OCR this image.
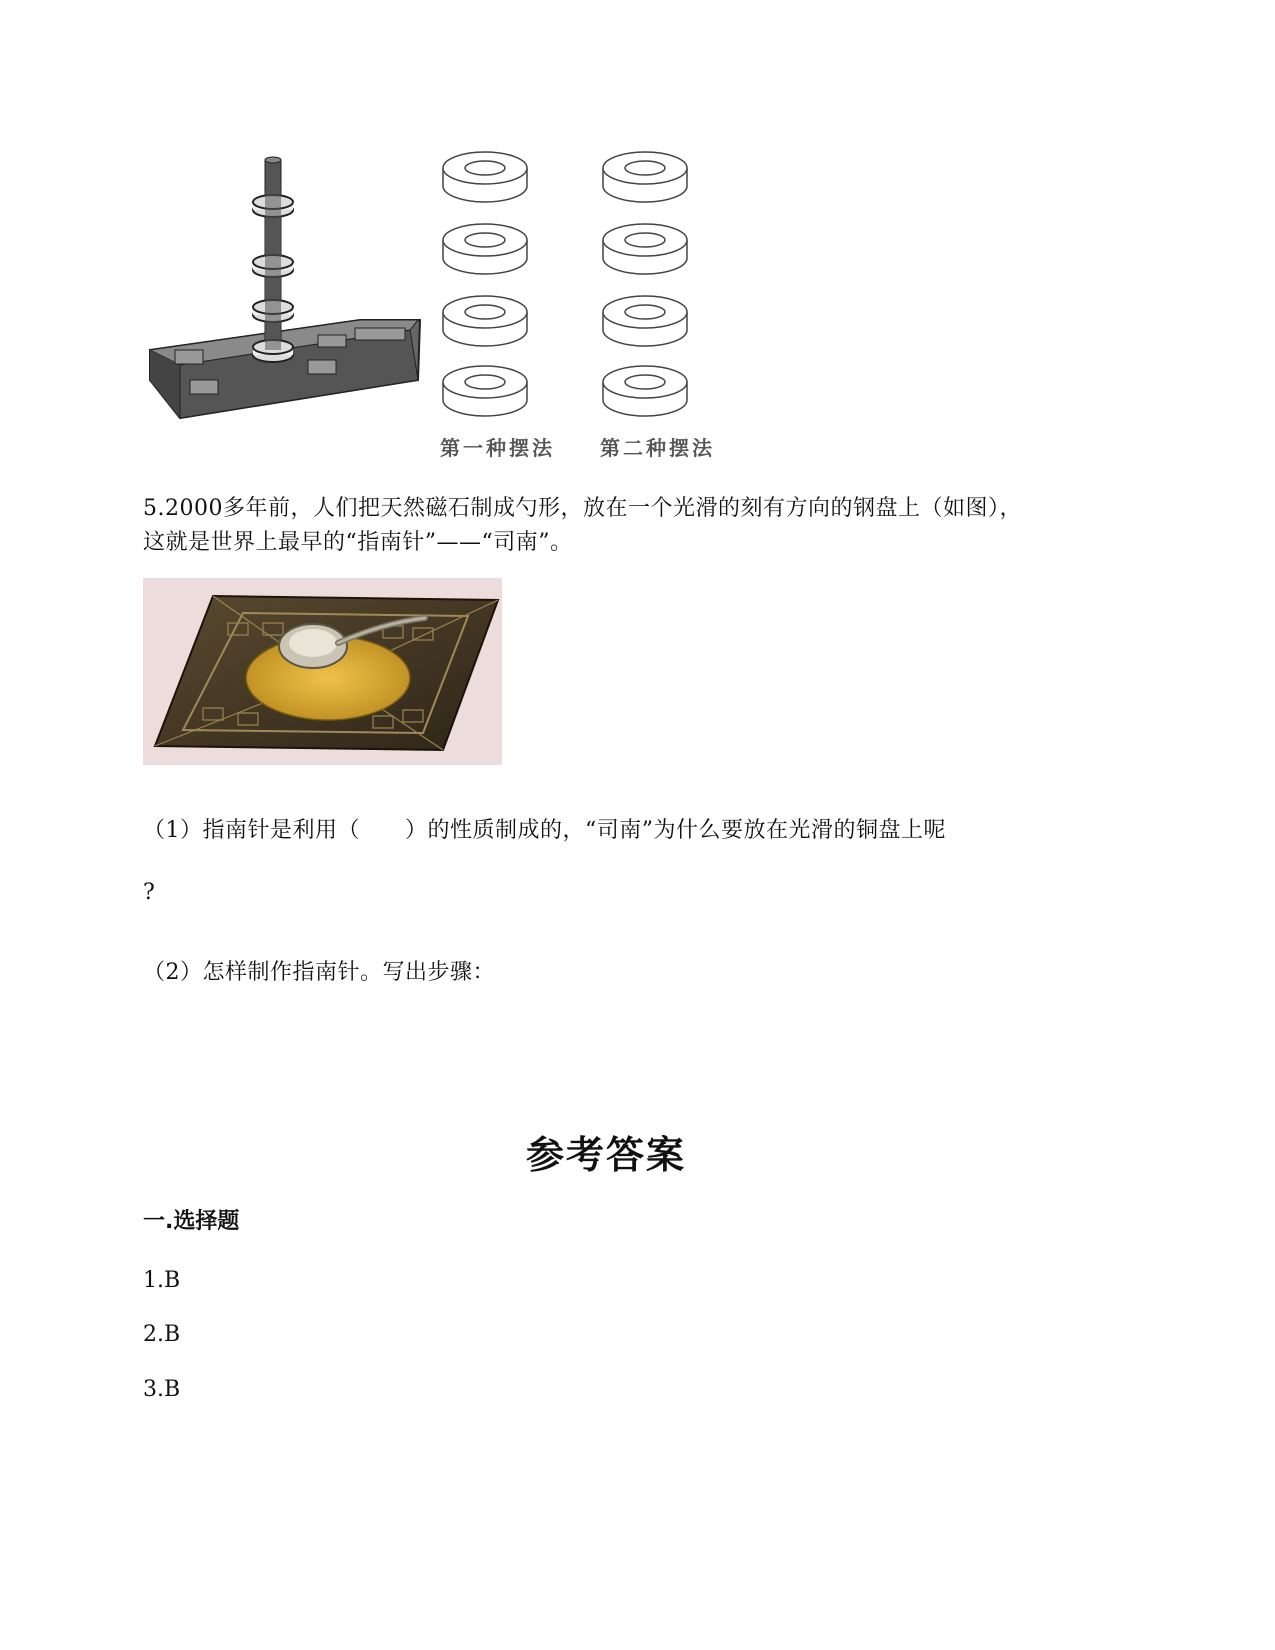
第一种摆法 第二种摆法
5.2000多年前，人们把天然磁石制成勺形，放在一个光滑的刻有方向的钢盘上（如图），
这就是世界上最早的“指南针”——“司南”。
（1）指南针是利用（　　）的性质制成的，“司南”为什么要放在光滑的铜盘上呢
?
（2）怎样制作指南针。写出步骤：
参考答案
一.选择题
1.B
2.B
3.B
